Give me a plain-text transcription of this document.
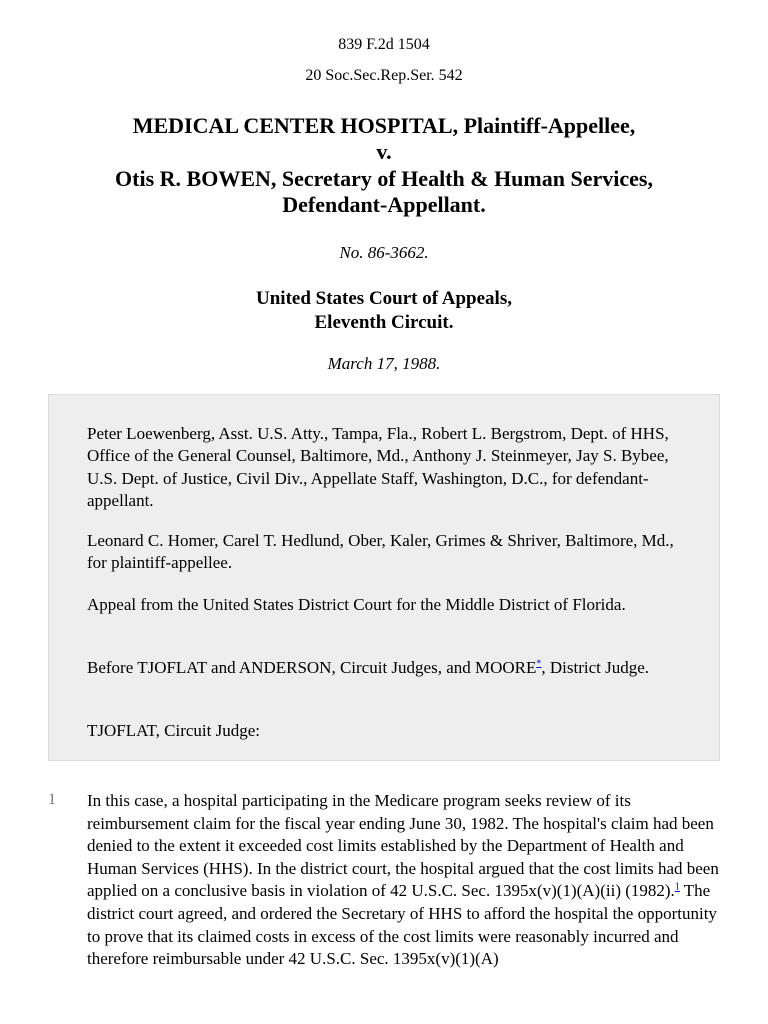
839 F.2d 1504
20 Soc.Sec.Rep.Ser. 542
MEDICAL CENTER HOSPITAL, Plaintiff-Appellee,
v.
Otis R. BOWEN, Secretary of Health & Human Services,
Defendant-Appellant.
No. 86-3662.
United States Court of Appeals,
Eleventh Circuit.
March 17, 1988.
Peter Loewenberg, Asst. U.S. Atty., Tampa, Fla., Robert L. Bergstrom, Dept. of HHS, Office of the General Counsel, Baltimore, Md., Anthony J. Steinmeyer, Jay S. Bybee, U.S. Dept. of Justice, Civil Div., Appellate Staff, Washington, D.C., for defendant-appellant.
Leonard C. Homer, Carel T. Hedlund, Ober, Kaler, Grimes & Shriver, Baltimore, Md., for plaintiff-appellee.
Appeal from the United States District Court for the Middle District of Florida.
Before TJOFLAT and ANDERSON, Circuit Judges, and MOORE*, District Judge.
TJOFLAT, Circuit Judge:
1 In this case, a hospital participating in the Medicare program seeks review of its reimbursement claim for the fiscal year ending June 30, 1982. The hospital's claim had been denied to the extent it exceeded cost limits established by the Department of Health and Human Services (HHS). In the district court, the hospital argued that the cost limits had been applied on a conclusive basis in violation of 42 U.S.C. Sec. 1395x(v)(1)(A)(ii) (1982).$^1$ The district court agreed, and ordered the Secretary of HHS to afford the hospital the opportunity to prove that its claimed costs in excess of the cost limits were reasonably incurred and therefore reimbursable under 42 U.S.C. Sec. 1395x(v)(1)(A)
